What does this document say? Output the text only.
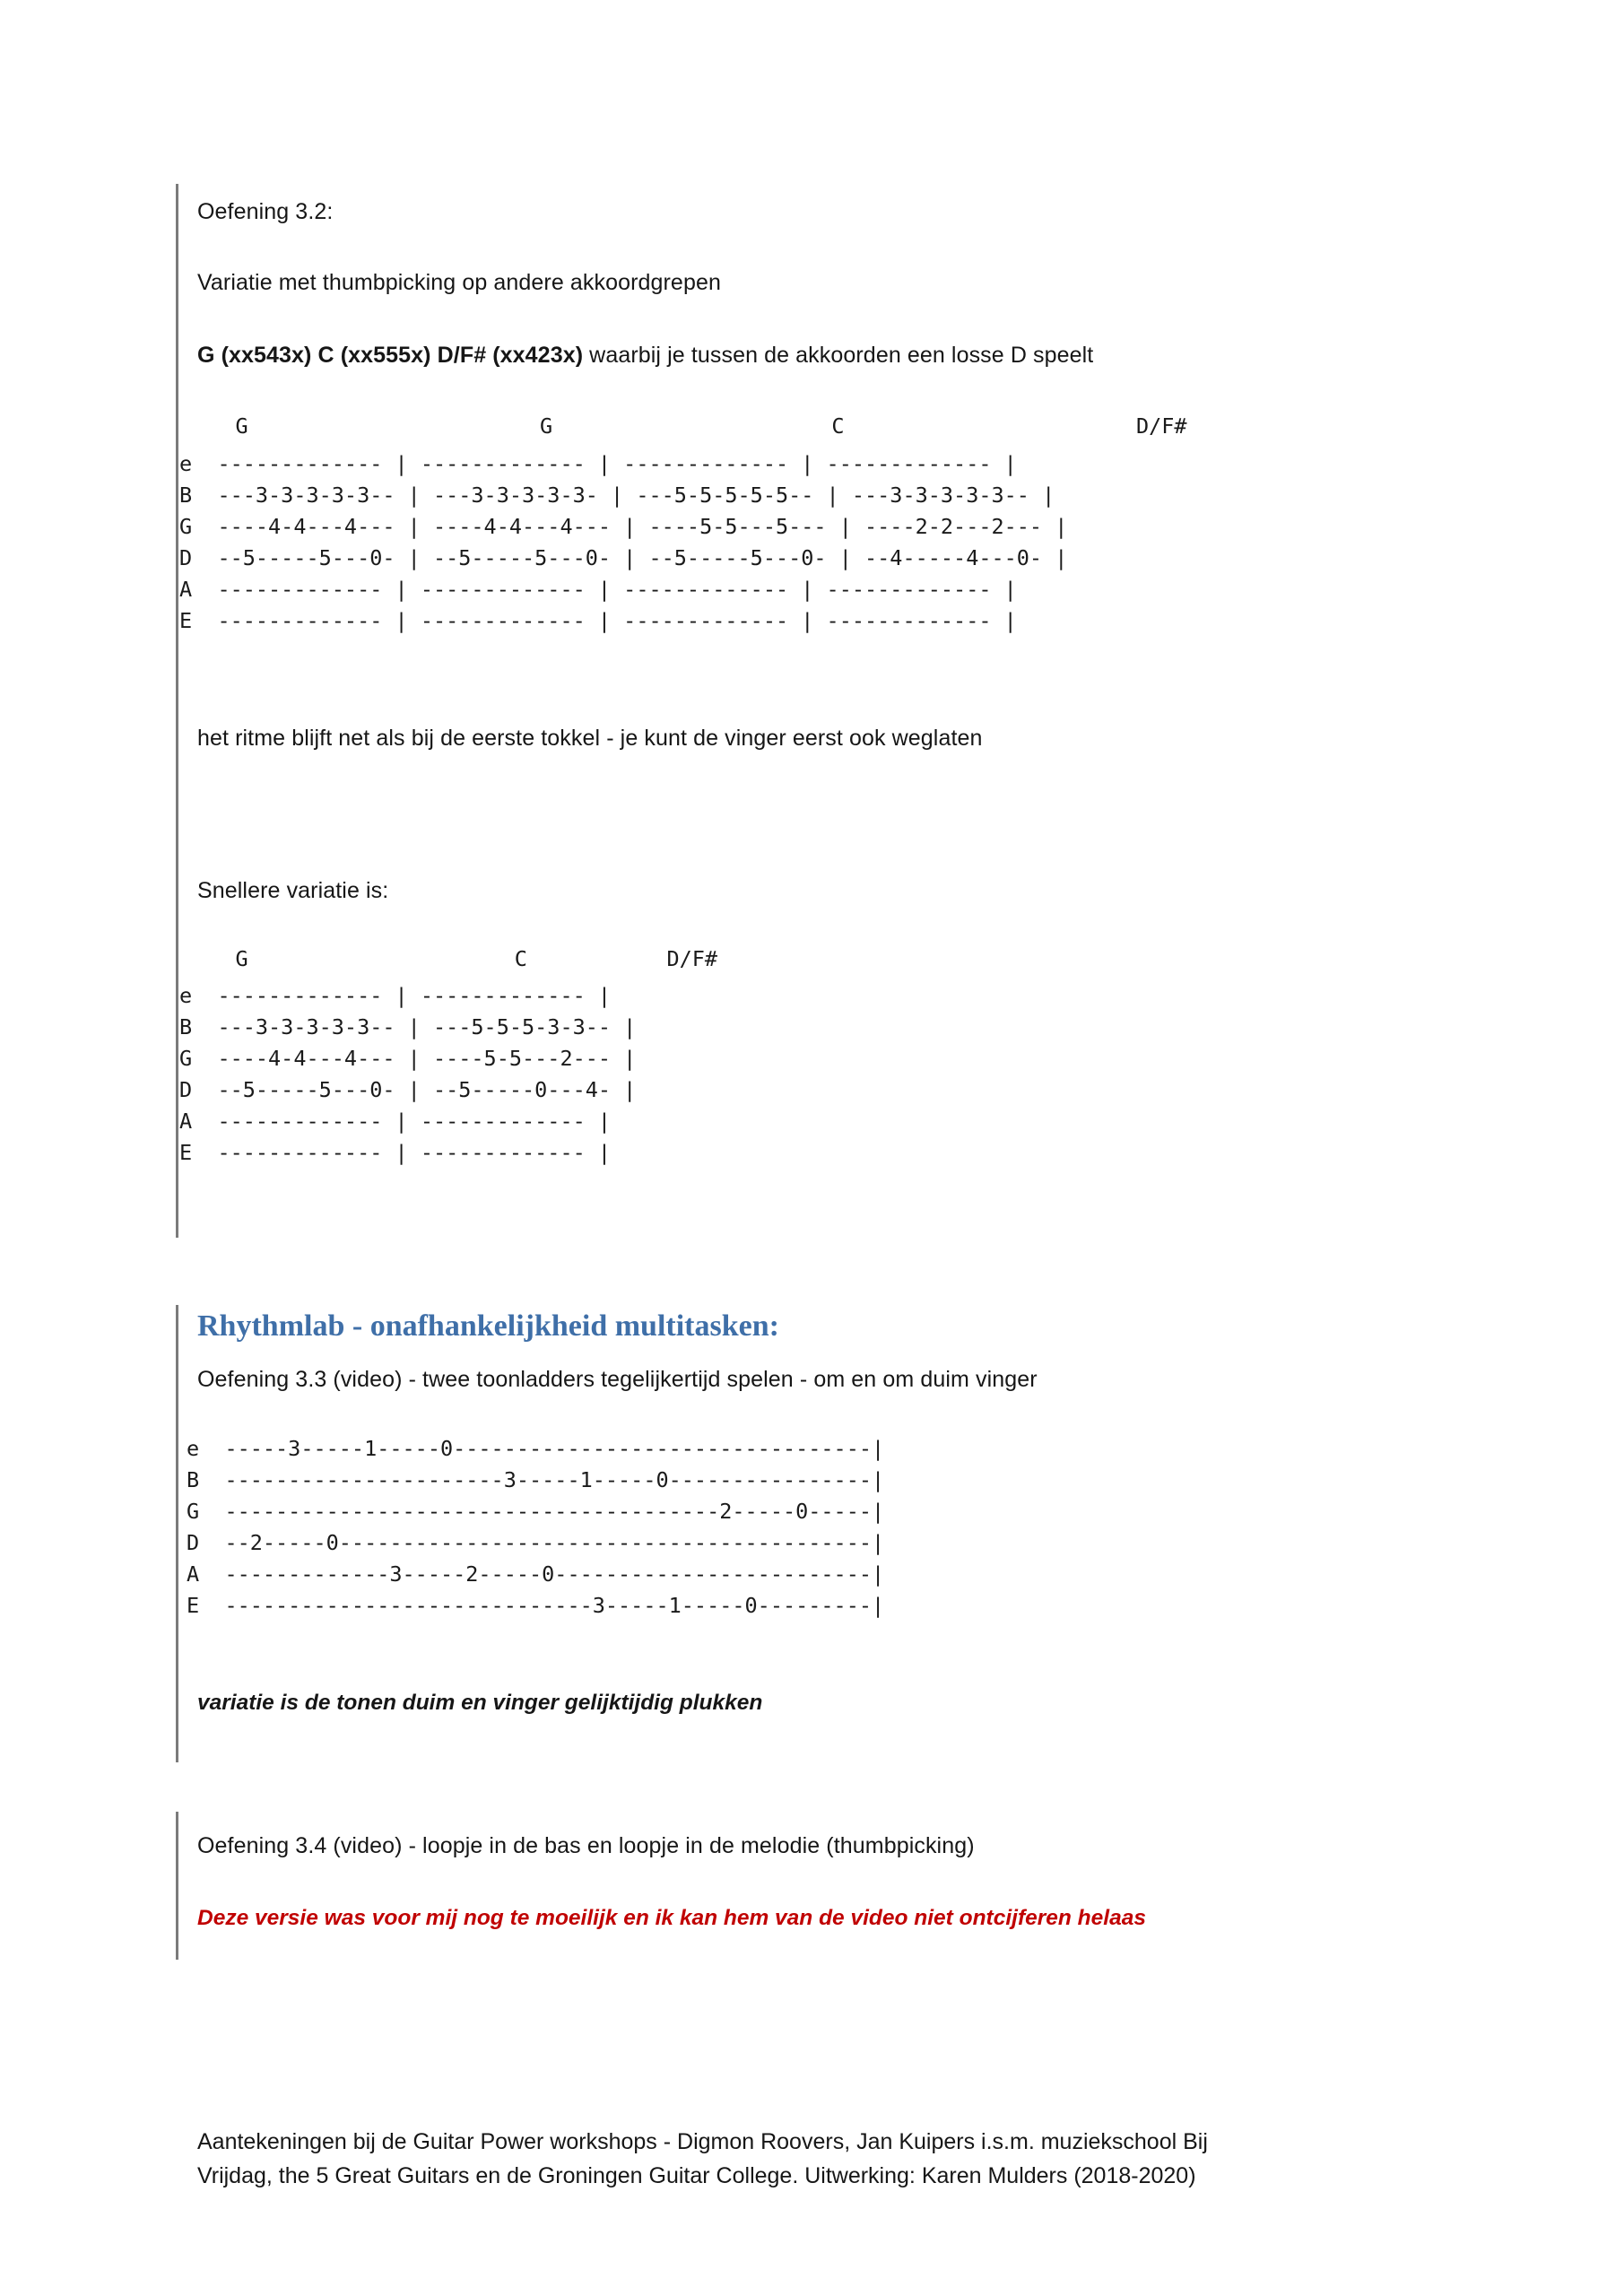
Oefening 3.2:

Variatie met thumbpicking op andere akkoordgrepen

G (xx543x) C (xx555x) D/F# (xx423x) waarbij je tussen de akkoorden een losse D speelt

G                       G                      C                       D/F#
e  ------------- | ------------- | ------------- | ------------- |
B  ---3-3-3-3-3-- | ---3-3-3-3-3- | ---5-5-5-5-5-- | ---3-3-3-3-3-- |
G  ----4-4---4--- | ----4-4---4--- | ----5-5---5--- | ----2-2---2--- |
D  --5-----5---0- | --5-----5---0- | --5-----5---0- | --4-----4---0- |
A  ------------- | ------------- | ------------- | ------------- |
E  ------------- | ------------- | ------------- | ------------- |

het ritme blijft net als bij de eerste tokkel - je kunt de vinger eerst ook weglaten

Snellere variatie is:

G                     C           D/F#
e  ------------- | ------------- |
B  ---3-3-3-3-3-- | ---5-5-5-3-3-- |
G  ----4-4---4--- | ----5-5---2--- |
D  --5-----5---0- | --5-----0---4- |
A  ------------- | ------------- |
E  ------------- | ------------- |

Rhythmlab - onafhankelijkheid multitasken:

Oefening 3.3 (video) - twee toonladders tegelijkertijd spelen - om en om duim vinger

e  -----3-----1-----0---------------------------------|
B  ----------------------3-----1-----0----------------|
G  ---------------------------------------2-----0-----|
D  --2-----0------------------------------------------|
A  -------------3-----2-----0-------------------------|
E  -----------------------------3-----1-----0---------|

variatie is de tonen duim en vinger gelijktijdig plukken

Oefening 3.4 (video) - loopje in de bas en loopje in de melodie (thumbpicking)

Deze versie was voor mij nog te moeilijk en ik kan hem van de video niet ontcijferen helaas

Aantekeningen bij de Guitar Power workshops - Digmon Roovers, Jan Kuipers i.s.m. muziekschool Bij
Vrijdag, the 5 Great Guitars en de Groningen Guitar College. Uitwerking: Karen Mulders (2018-2020)
